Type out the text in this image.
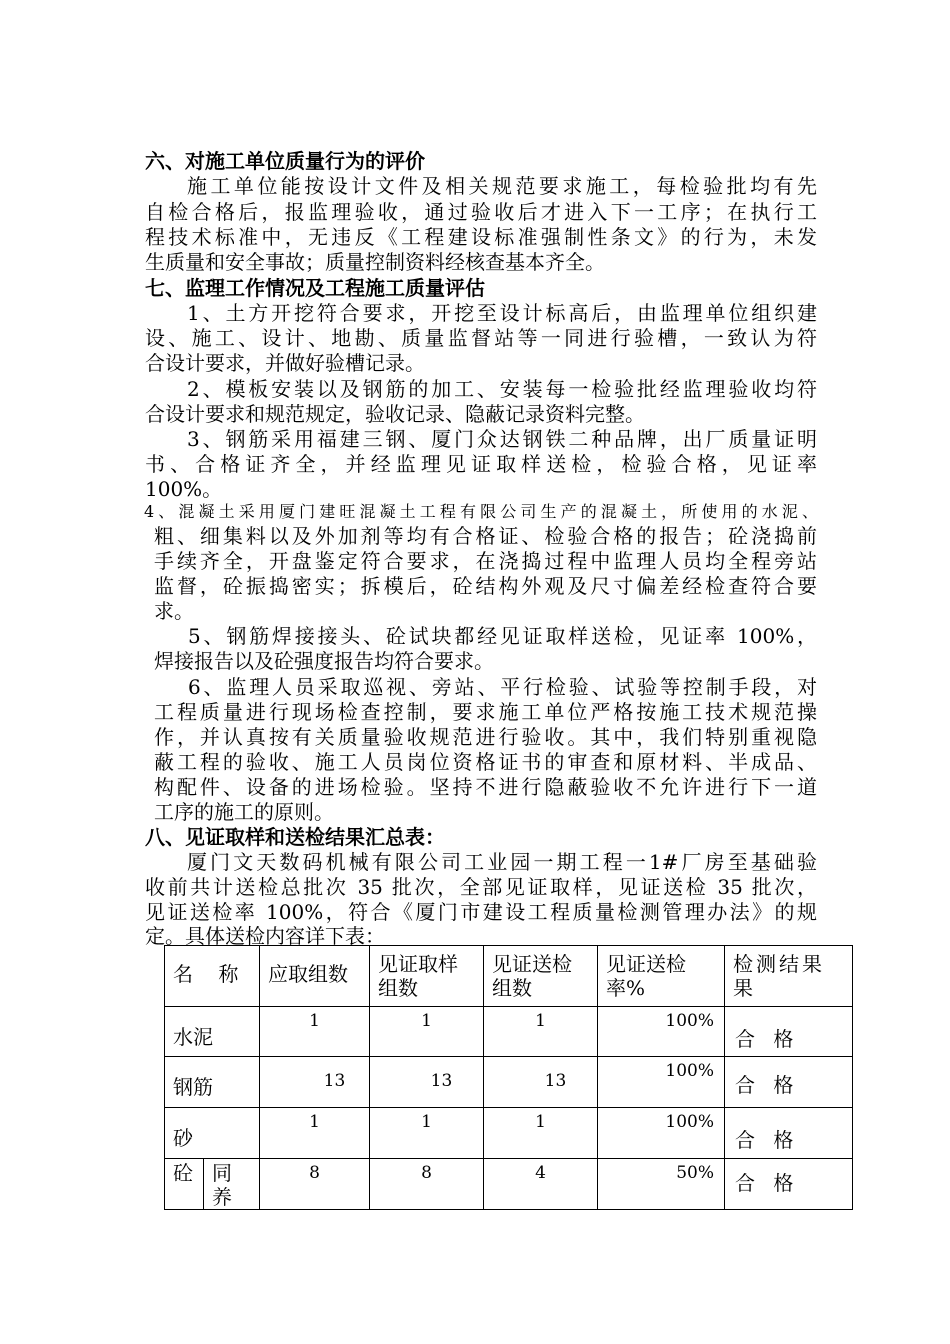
六、对施工单位质量行为的评价
施工单位能按设计文件及相关规范要求施工，每检验批均有先
自检合格后，报监理验收，通过验收后才进入下一工序；在执行工
程技术标准中，无违反《工程建设标准强制性条文》的行为，未发
生质量和安全事故；质量控制资料经核查基本齐全。
七、监理工作情况及工程施工质量评估
1、土方开挖符合要求，开挖至设计标高后，由监理单位组织建
设、施工、设计、地勘、质量监督站等一同进行验槽，一致认为符
合设计要求，并做好验槽记录。
2、模板安装以及钢筋的加工、安装每一检验批经监理验收均符
合设计要求和规范规定，验收记录、隐蔽记录资料完整。
3、钢筋采用福建三钢、厦门众达钢铁二种品牌，出厂质量证明
书、合格证齐全，并经监理见证取样送检，检验合格，见证率
100%。
4、混凝土采用厦门建旺混凝土工程有限公司生产的混凝土，所使用的水泥、
粗、细集料以及外加剂等均有合格证、检验合格的报告；砼浇捣前
手续齐全，开盘鉴定符合要求，在浇捣过程中监理人员均全程旁站
监督，砼振捣密实；拆模后，砼结构外观及尺寸偏差经检查符合要
求。
5、钢筋焊接接头、砼试块都经见证取样送检，见证率 100%，
焊接报告以及砼强度报告均符合要求。
6、监理人员采取巡视、旁站、平行检验、试验等控制手段，对
工程质量进行现场检查控制，要求施工单位严格按施工技术规范操
作，并认真按有关质量验收规范进行验收。其中，我们特别重视隐
蔽工程的验收、施工人员岗位资格证书的审查和原材料、半成品、
构配件、设备的进场检验。坚持不进行隐蔽验收不允许进行下一道
工序的施工的原则。
八、见证取样和送检结果汇总表：
厦门文天数码机械有限公司工业园一期工程一1#厂房至基础验
收前共计送检总批次 35 批次，全部见证取样，见证送检 35 批次，
见证送检率 100%，符合《厦门市建设工程质量检测管理办法》的规
定。具体送检内容详下表：
名    称		应取组数	见证取样组数	见证送检组数	见证送检率%	检测结果果

水泥		1	1	1	100%	合 格

钢筋		13	13	13	100%	合 格

砂		1	1	1	100%	合 格

砼	同养	8	8	4	50%	合 格
